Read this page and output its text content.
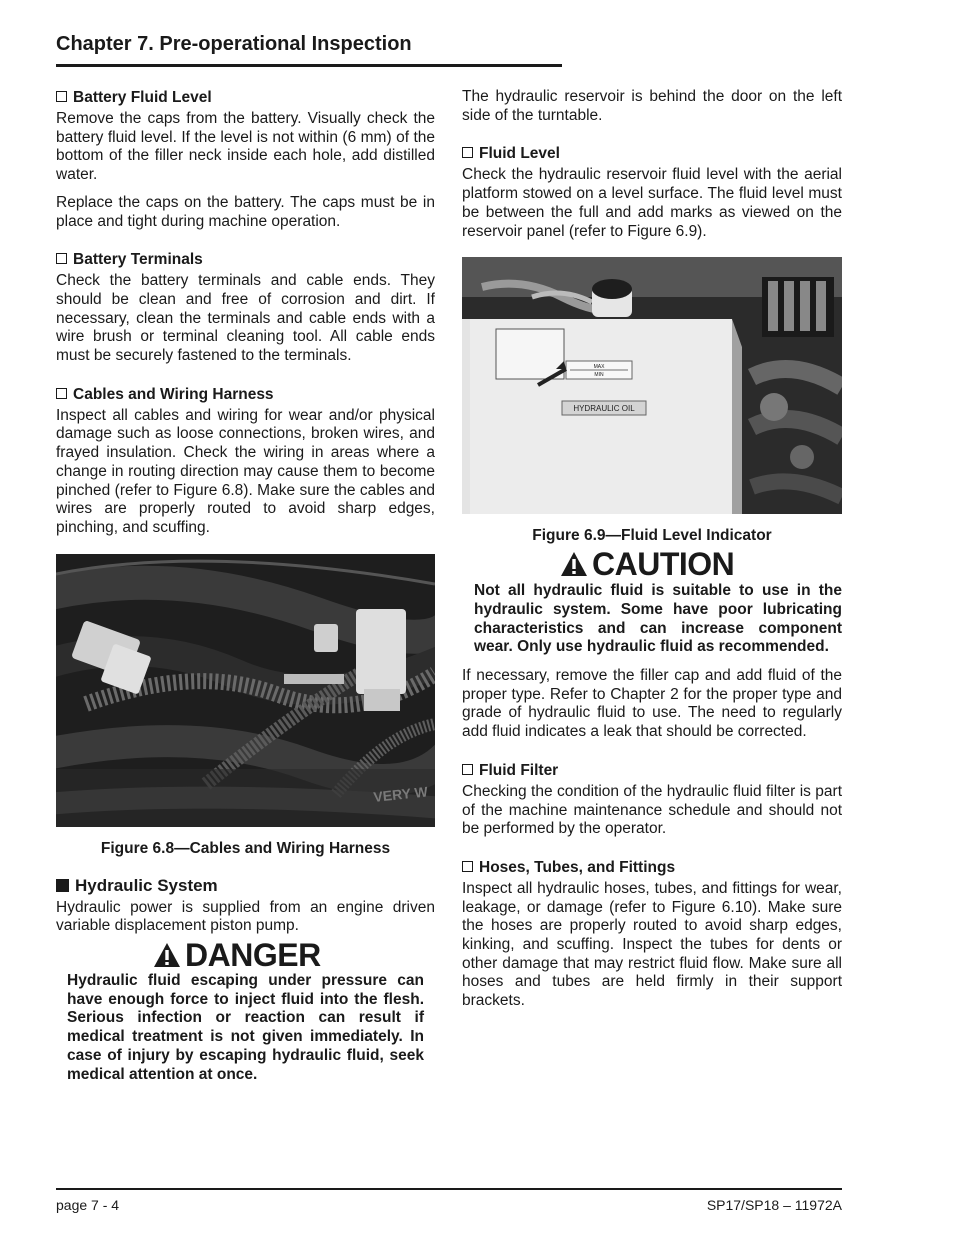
Chapter 7. Pre-operational Inspection
Battery Fluid Level

Remove the caps from the battery. Visually check the battery fluid level. If the level is not within (6 mm) of the bottom of the filler neck inside each hole, add distilled water.

Replace the caps on the battery. The caps must be in place and tight during machine operation.

Battery Terminals

Check the battery terminals and cable ends. They should be clean and free of corrosion and dirt. If necessary, clean the terminals and cable ends with a wire brush or terminal cleaning tool. All cable ends must be securely fastened to the terminals.

Cables and Wiring Harness

Inspect all cables and wiring for wear and/or physical damage such as loose connections, broken wires, and frayed insulation. Check the wiring in areas where a change in routing direction may cause them to become pinched (refer to Figure 6.8). Make sure the cables and wires are properly routed to avoid sharp edges, pinching, and scuffing.

VERY W
Figure 6.8—Cables and Wiring Harness
Hydraulic System

Hydraulic power is supplied from an engine driven variable displacement piston pump.

DANGER

Hydraulic fluid escaping under pressure can have enough force to inject fluid into the flesh. Serious infection or reaction can result if medical treatment is not given immediately. In case of injury by escaping hydraulic fluid, seek medical attention at once.

The hydraulic reservoir is behind the door on the left side of the turntable.

Fluid Level

Check the hydraulic reservoir fluid level with the aerial platform stowed on a level surface. The fluid level must be between the full and add marks as viewed on the reservoir panel (refer to Figure 6.9).

MAX
MIN
HYDRAULIC OIL
Figure 6.9—Fluid Level Indicator
CAUTION

Not all hydraulic fluid is suitable to use in the hydraulic system. Some have poor lubricating characteristics and can increase component wear. Only use hydraulic fluid as recommended.

If necessary, remove the filler cap and add fluid of the proper type. Refer to Chapter 2 for the proper type and grade of hydraulic fluid to use. The need to regularly add fluid indicates a leak that should be corrected.

Fluid Filter

Checking the condition of the hydraulic fluid filter is part of the machine maintenance schedule and should not be performed by the operator.

Hoses, Tubes, and Fittings

Inspect all hydraulic hoses, tubes, and fittings for wear, leakage, or damage (refer to Figure 6.10). Make sure the hoses are properly routed to avoid sharp edges, kinking, and scuffing. Inspect the tubes for dents or other damage that may restrict fluid flow. Make sure all hoses and tubes are held firmly in their support brackets.

page 7 - 4	SP17/SP18 – 11972A
